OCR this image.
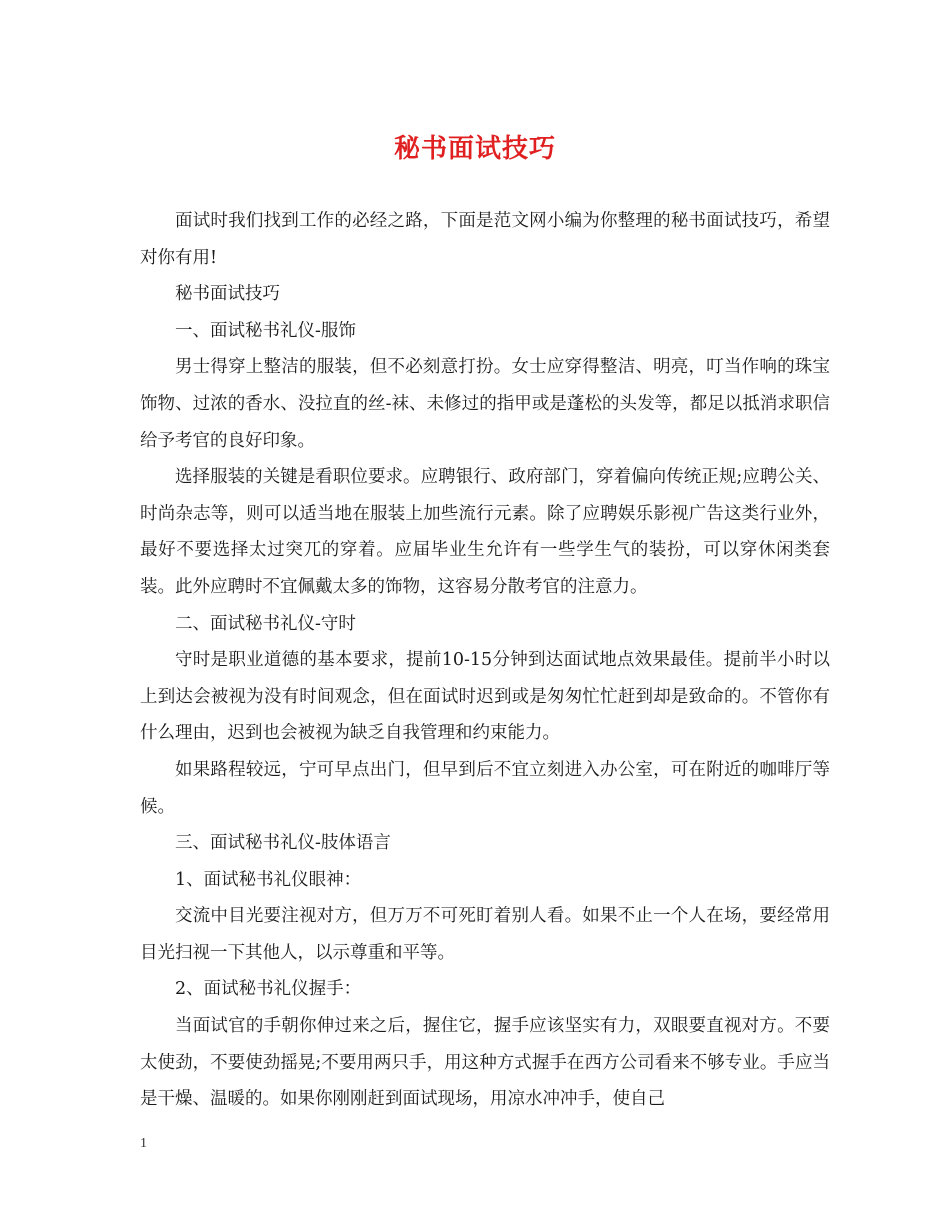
秘书面试技巧

面试时我们找到工作的必经之路，下面是范文网小编为你整理的秘书面试技巧，希望对你有用!

秘书面试技巧

一、面试秘书礼仪-服饰

男士得穿上整洁的服装，但不必刻意打扮。女士应穿得整洁、明亮，叮当作响的珠宝饰物、过浓的香水、没拉直的丝-袜、未修过的指甲或是蓬松的头发等，都足以抵消求职信给予考官的良好印象。

选择服装的关键是看职位要求。应聘银行、政府部门，穿着偏向传统正规;应聘公关、时尚杂志等，则可以适当地在服装上加些流行元素。除了应聘娱乐影视广告这类行业外，最好不要选择太过突兀的穿着。应届毕业生允许有一些学生气的装扮，可以穿休闲类套装。此外应聘时不宜佩戴太多的饰物，这容易分散考官的注意力。

二、面试秘书礼仪-守时

守时是职业道德的基本要求，提前10-15分钟到达面试地点效果最佳。提前半小时以上到达会被视为没有时间观念，但在面试时迟到或是匆匆忙忙赶到却是致命的。不管你有什么理由，迟到也会被视为缺乏自我管理和约束能力。

如果路程较远，宁可早点出门，但早到后不宜立刻进入办公室，可在附近的咖啡厅等候。

三、面试秘书礼仪-肢体语言

1、面试秘书礼仪眼神：

交流中目光要注视对方，但万万不可死盯着别人看。如果不止一个人在场，要经常用目光扫视一下其他人，以示尊重和平等。

2、面试秘书礼仪握手：

当面试官的手朝你伸过来之后，握住它，握手应该坚实有力，双眼要直视对方。不要太使劲，不要使劲摇晃;不要用两只手，用这种方式握手在西方公司看来不够专业。手应当是干燥、温暖的。如果你刚刚赶到面试现场，用凉水冲冲手，使自己

1
